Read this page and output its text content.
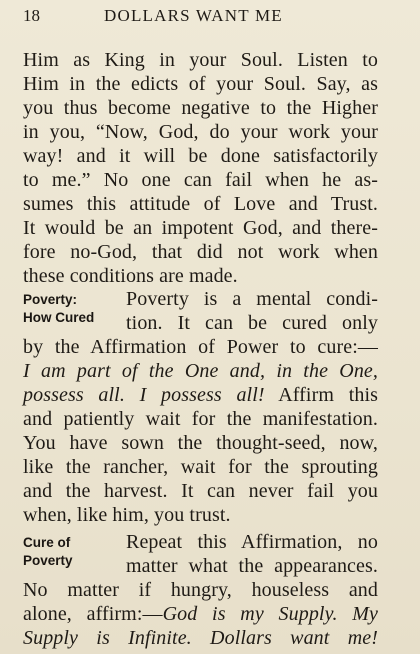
18	DOLLARS WANT ME
Him as King in your Soul. Listen to
Him in the edicts of your Soul. Say, as
you thus become negative to the Higher
in you, “Now, God, do your work your
way! and it will be done satisfactorily
to me.” No one can fail when he as-
sumes this attitude of Love and Trust.
It would be an impotent God, and there-
fore no-God, that did not work when
these conditions are made.
Poverty:
How Cured
Poverty is a mental condi-
tion. It can be cured only
by the Affirmation of Power to cure:—
I am part of the One and, in the One,
possess all. I possess all! Affirm this
and patiently wait for the manifestation.
You have sown the thought-seed, now,
like the rancher, wait for the sprouting
and the harvest. It can never fail you
when, like him, you trust.
Cure of
Poverty
Repeat this Affirmation, no
matter what the appearances.
No matter if hungry, houseless and
alone, affirm:—God is my Supply. My
Supply is Infinite. Dollars want me!
